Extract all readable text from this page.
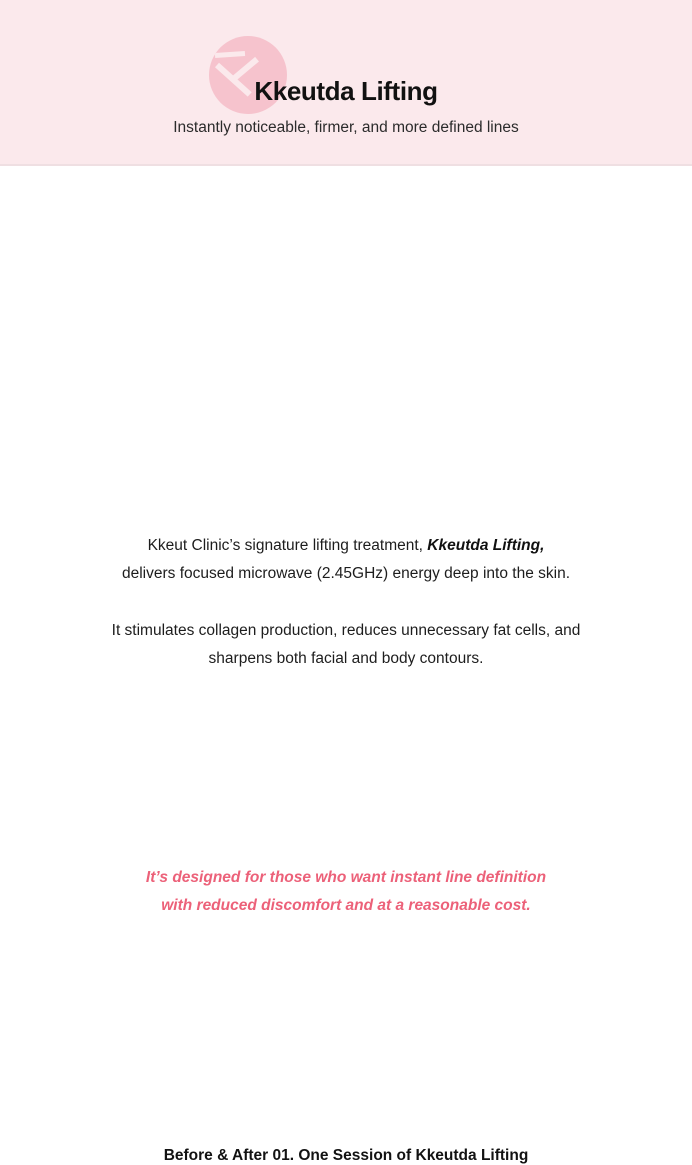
Kkeutda Lifting
Instantly noticeable, firmer, and more defined lines
Kkeut Clinic’s signature lifting treatment, Kkeutda Lifting,
delivers focused microwave (2.45GHz) energy deep into the skin.
It stimulates collagen production, reduces unnecessary fat cells, and
sharpens both facial and body contours.
It’s designed for those who want instant line definition
with reduced discomfort and at a reasonable cost.
Before & After 01. One Session of Kkeutda Lifting
